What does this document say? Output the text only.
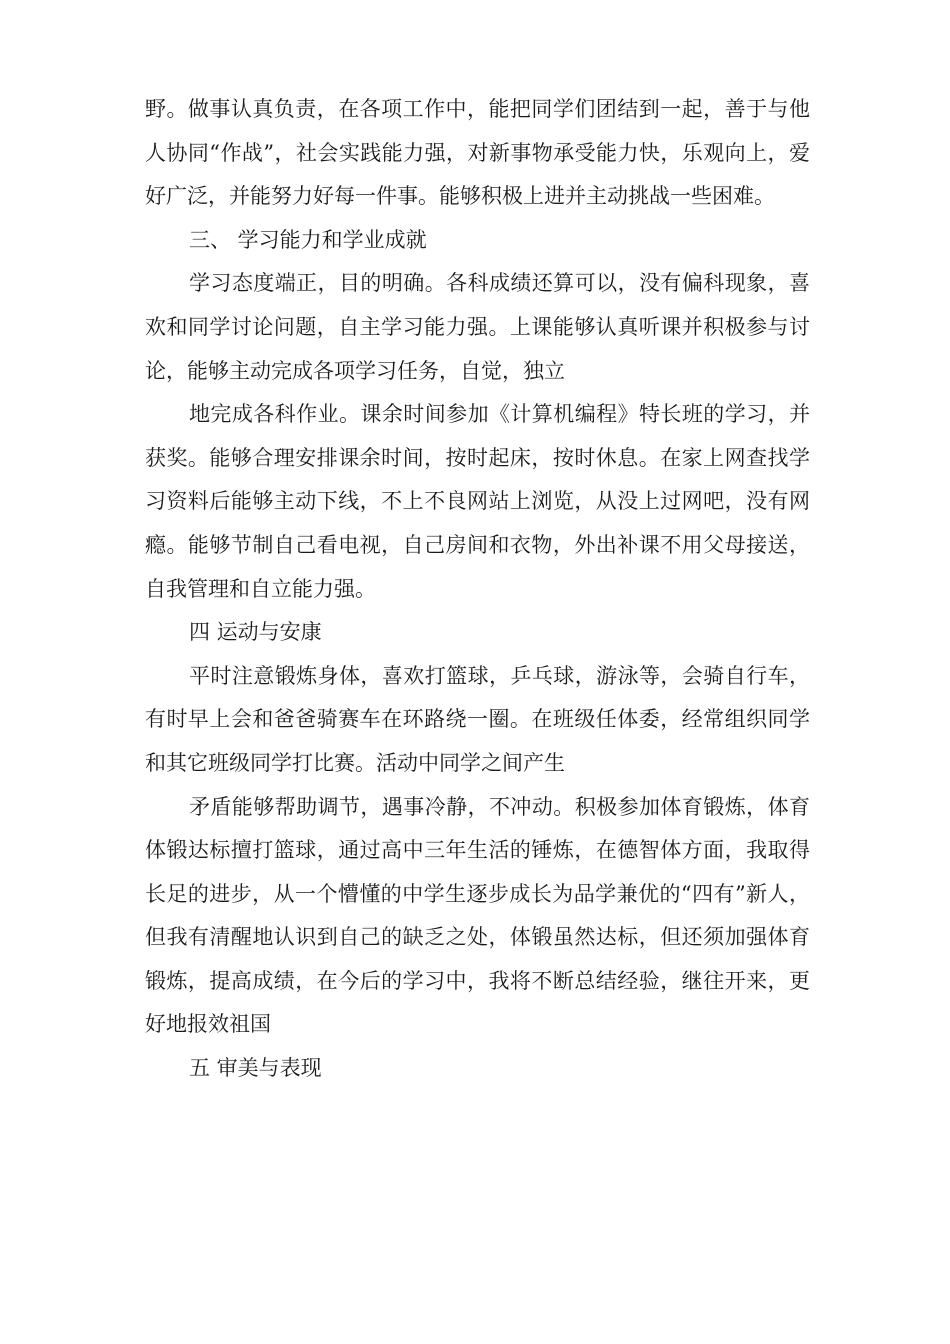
野。做事认真负责，在各项工作中，能把同学们团结到一起，善于与他人协同“作战”，社会实践能力强，对新事物承受能力快，乐观向上，爱好广泛，并能努力好每一件事。能够积极上进并主动挑战一些困难。

三、 学习能力和学业成就

学习态度端正，目的明确。各科成绩还算可以，没有偏科现象，喜欢和同学讨论问题，自主学习能力强。上课能够认真听课并积极参与讨论，能够主动完成各项学习任务，自觉，独立

地完成各科作业。课余时间参加《计算机编程》特长班的学习，并获奖。能够合理安排课余时间，按时起床，按时休息。在家上网查找学习资料后能够主动下线，不上不良网站上浏览，从没上过网吧，没有网瘾。能够节制自己看电视，自己房间和衣物，外出补课不用父母接送，自我管理和自立能力强。

四 运动与安康

平时注意锻炼身体，喜欢打篮球，乒乓球，游泳等，会骑自行车，有时早上会和爸爸骑赛车在环路绕一圈。在班级任体委，经常组织同学和其它班级同学打比赛。活动中同学之间产生

矛盾能够帮助调节，遇事冷静，不冲动。积极参加体育锻炼，体育体锻达标擅打篮球，通过高中三年生活的锤炼，在德智体方面，我取得长足的进步，从一个懵懂的中学生逐步成长为品学兼优的“四有”新人，但我有清醒地认识到自己的缺乏之处，体锻虽然达标，但还须加强体育锻炼，提高成绩，在今后的学习中，我将不断总结经验，继往开来，更好地报效祖国

五 审美与表现
